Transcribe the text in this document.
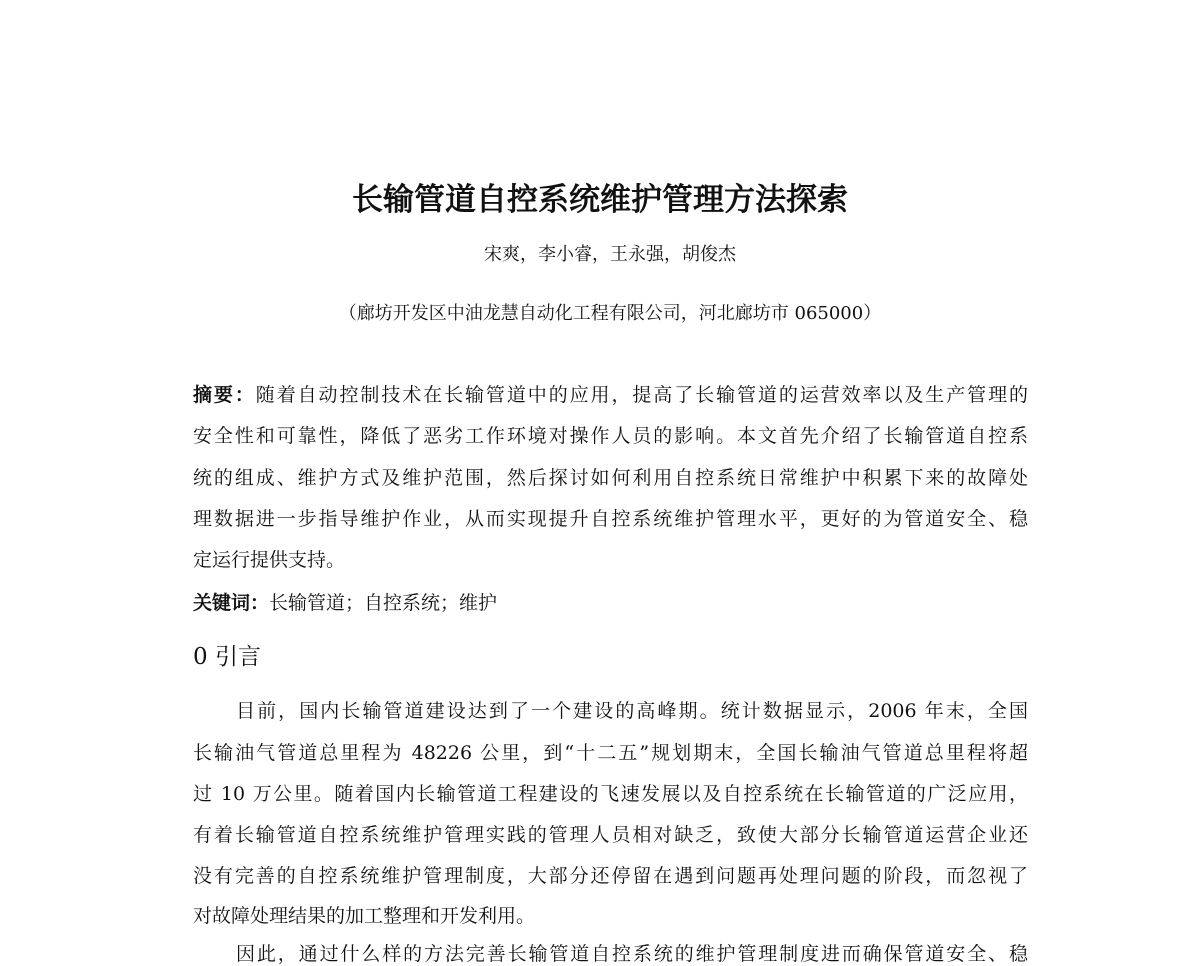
长输管道自控系统维护管理方法探索
宋爽，李小睿，王永强，胡俊杰
（廊坊开发区中油龙慧自动化工程有限公司，河北廊坊市 065000）
摘要：随着自动控制技术在长输管道中的应用，提高了长输管道的运营效率以及生产管理的
安全性和可靠性，降低了恶劣工作环境对操作人员的影响。本文首先介绍了长输管道自控系
统的组成、维护方式及维护范围，然后探讨如何利用自控系统日常维护中积累下来的故障处
理数据进一步指导维护作业，从而实现提升自控系统维护管理水平，更好的为管道安全、稳
定运行提供支持。
关键词：长输管道；自控系统；维护
0 引言
目前，国内长输管道建设达到了一个建设的高峰期。统计数据显示，2006 年末，全国
长输油气管道总里程为 48226 公里，到“十二五”规划期末，全国长输油气管道总里程将超
过 10 万公里。随着国内长输管道工程建设的飞速发展以及自控系统在长输管道的广泛应用，
有着长输管道自控系统维护管理实践的管理人员相对缺乏，致使大部分长输管道运营企业还
没有完善的自控系统维护管理制度，大部分还停留在遇到问题再处理问题的阶段，而忽视了
对故障处理结果的加工整理和开发利用。
因此，通过什么样的方法完善长输管道自控系统的维护管理制度进而确保管道安全、稳
